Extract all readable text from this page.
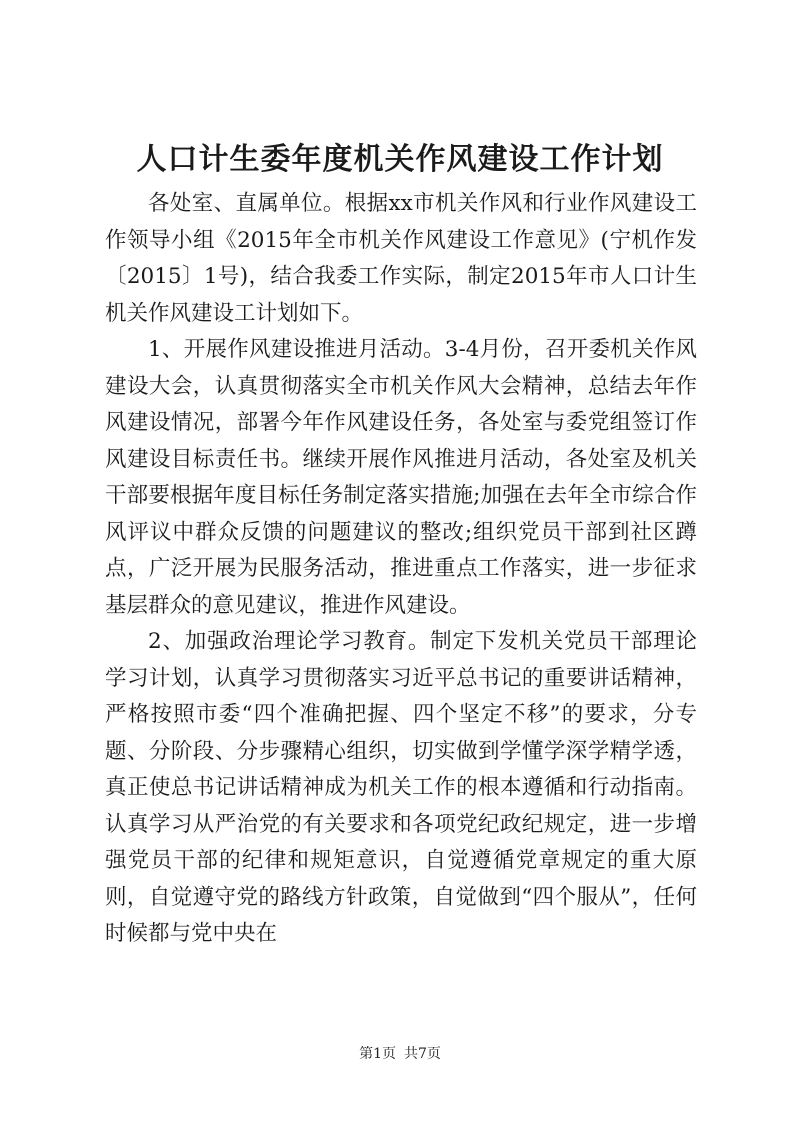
人口计生委年度机关作风建设工作计划

各处室、直属单位。根据xx市机关作风和行业作风建设工作领导小组《2015年全市机关作风建设工作意见》(宁机作发〔2015〕1号)，结合我委工作实际，制定2015年市人口计生机关作风建设工计划如下。

1、开展作风建设推进月活动。3-4月份，召开委机关作风建设大会，认真贯彻落实全市机关作风大会精神，总结去年作风建设情况，部署今年作风建设任务，各处室与委党组签订作风建设目标责任书。继续开展作风推进月活动，各处室及机关干部要根据年度目标任务制定落实措施;加强在去年全市综合作风评议中群众反馈的问题建议的整改;组织党员干部到社区蹲点，广泛开展为民服务活动，推进重点工作落实，进一步征求基层群众的意见建议，推进作风建设。

2、加强政治理论学习教育。制定下发机关党员干部理论学习计划，认真学习贯彻落实习近平总书记的重要讲话精神，严格按照市委“四个准确把握、四个坚定不移”的要求，分专题、分阶段、分步骤精心组织，切实做到学懂学深学精学透，真正使总书记讲话精神成为机关工作的根本遵循和行动指南。认真学习从严治党的有关要求和各项党纪政纪规定，进一步增强党员干部的纪律和规矩意识，自觉遵循党章规定的重大原则，自觉遵守党的路线方针政策，自觉做到“四个服从”，任何时候都与党中央在

第1页 共7页
